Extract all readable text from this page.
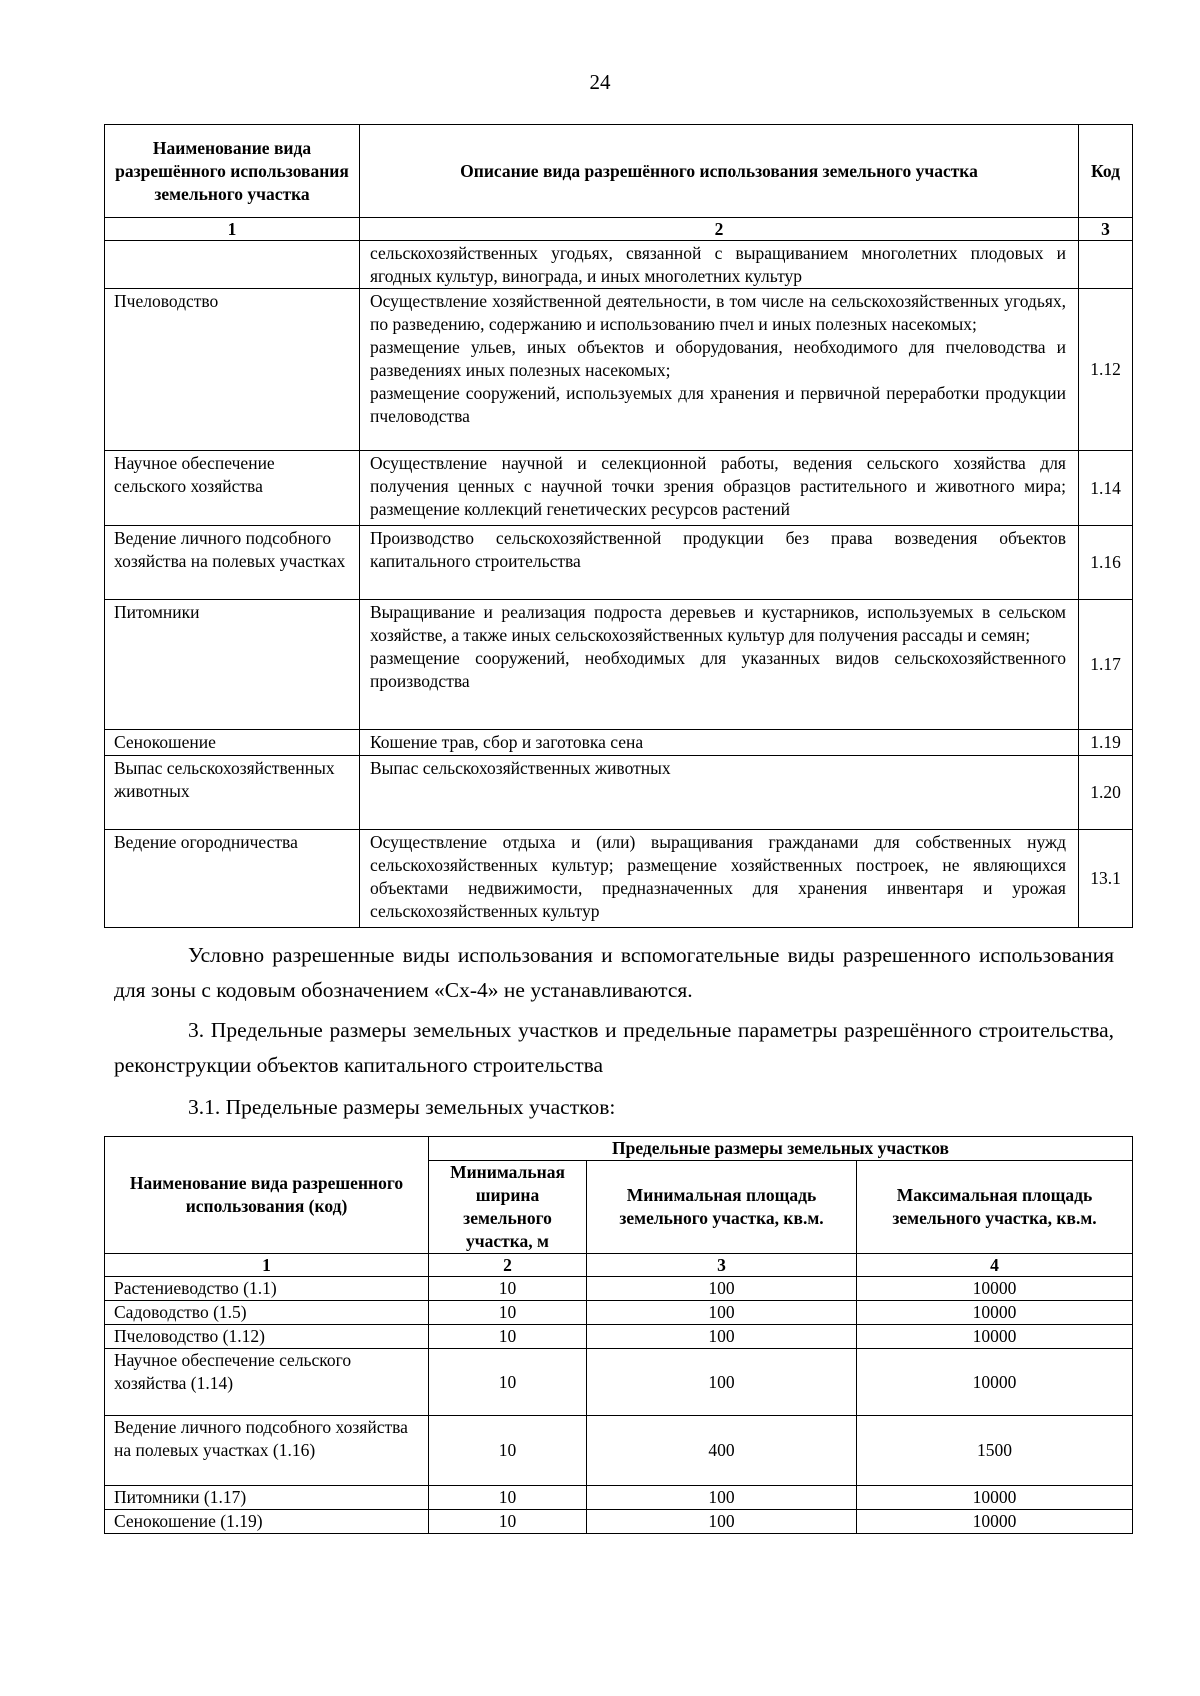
24
Наименование вида разрешённого использования земельного участка	Описание вида разрешённого использования земельного участка	Код
1	2	3
	сельскохозяйственных угодьях, связанной с выращиванием многолетних плодовых и ягодных культур, винограда, и иных многолетних культур	
Пчеловодство	Осуществление хозяйственной деятельности, в том числе на сельскохозяйственных угодьях, по разведению, содержанию и использованию пчел и иных полезных насекомых;
размещение ульев, иных объектов и оборудования, необходимого для пчеловодства и разведениях иных полезных насекомых;
размещение сооружений, используемых для хранения и первичной переработки продукции пчеловодства	1.12
Научное обеспечение сельского хозяйства	Осуществление научной и селекционной работы, ведения сельского хозяйства для получения ценных с научной точки зрения образцов растительного и животного мира; размещение коллекций генетических ресурсов растений	1.14
Ведение личного подсобного хозяйства на полевых участках	Производство сельскохозяйственной продукции без права возведения объектов капитального строительства	1.16
Питомники	Выращивание и реализация подроста деревьев и кустарников, используемых в сельском хозяйстве, а также иных сельскохозяйственных культур для получения рассады и семян;
размещение сооружений, необходимых для указанных видов сельскохозяйственного производства	1.17
Сенокошение	Кошение трав, сбор и заготовка сена	1.19
Выпас сельскохозяйственных животных	Выпас сельскохозяйственных животных	1.20
Ведение огородничества	Осуществление отдыха и (или) выращивания гражданами для собственных нужд сельскохозяйственных культур; размещение хозяйственных построек, не являющихся объектами недвижимости, предназначенных для хранения инвентаря и урожая сельскохозяйственных культур	13.1

Условно разрешенные виды использования и вспомогательные виды разрешенного использования для зоны с кодовым обозначением «Сх-4» не устанавливаются.

3. Предельные размеры земельных участков и предельные параметры разрешённого строительства, реконструкции объектов капитального строительства

3.1. Предельные размеры земельных участков:

Наименование вида разрешенного использования (код)	Предельные размеры земельных участков		
	Минимальная ширина земельного участка, м	Минимальная площадь земельного участка, кв.м.	Максимальная площадь земельного участка, кв.м.
1	2	3	4
Растениеводство (1.1)	10	100	10000
Садоводство (1.5)	10	100	10000
Пчеловодство (1.12)	10	100	10000
Научное обеспечение сельского хозяйства (1.14)	10	100	10000
Ведение личного подсобного хозяйства на полевых участках (1.16)	10	400	1500
Питомники (1.17)	10	100	10000
Сенокошение (1.19)	10	100	10000
